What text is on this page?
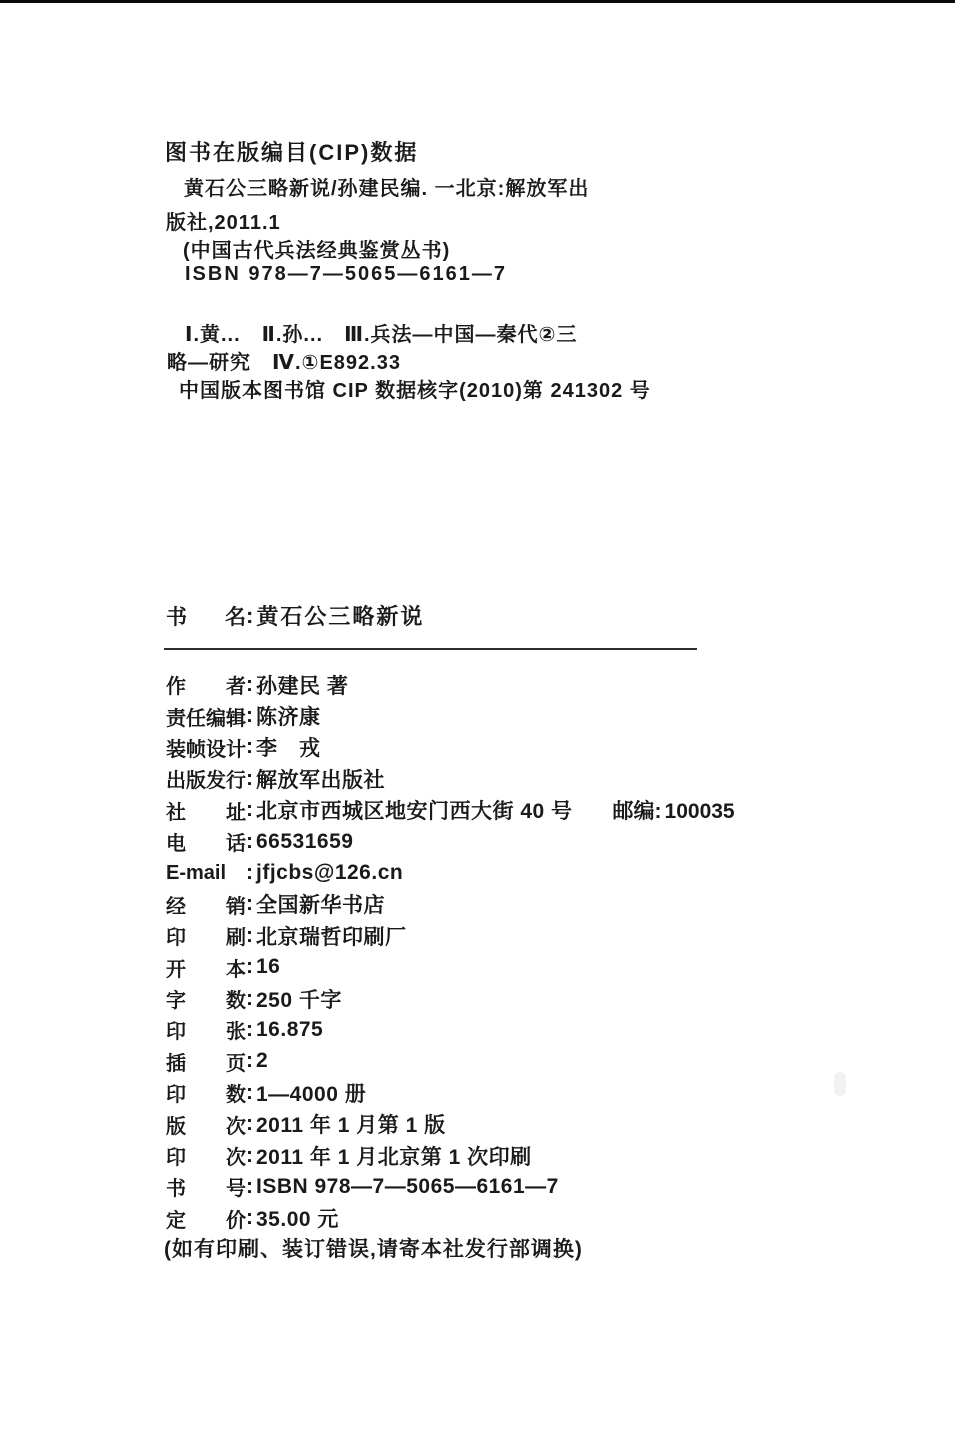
图书在版编目(CIP)数据
黄石公三略新说/孙建民编. 一北京:解放军出
版社,2011.1
(中国古代兵法经典鉴赏丛书)
ISBN 978—7—5065—6161—7
Ⅰ.黄...　Ⅱ.孙...　Ⅲ.兵法—中国—秦代②三
略—研究　Ⅳ.①E892.33
中国版本图书馆 CIP 数据核字(2010)第 241302 号
书名 : 黄石公三略新说
作者 : 孙建民 著
责任编辑 : 陈济康
装帧设计 : 李　戎
出版发行 : 解放军出版社
社址 : 北京市西城区地安门西大街 40 号 邮编: 100035
电话 : 66531659
E-mail : jfjcbs@126.cn
经销 : 全国新华书店
印刷 : 北京瑞哲印刷厂
开本 : 16
字数 : 250 千字
印张 : 16.875
插页 : 2
印数 : 1—4000 册
版次 : 2011 年 1 月第 1 版
印次 : 2011 年 1 月北京第 1 次印刷
书号 : ISBN 978—7—5065—6161—7
定价 : 35.00 元
(如有印刷、装订错误,请寄本社发行部调换)
